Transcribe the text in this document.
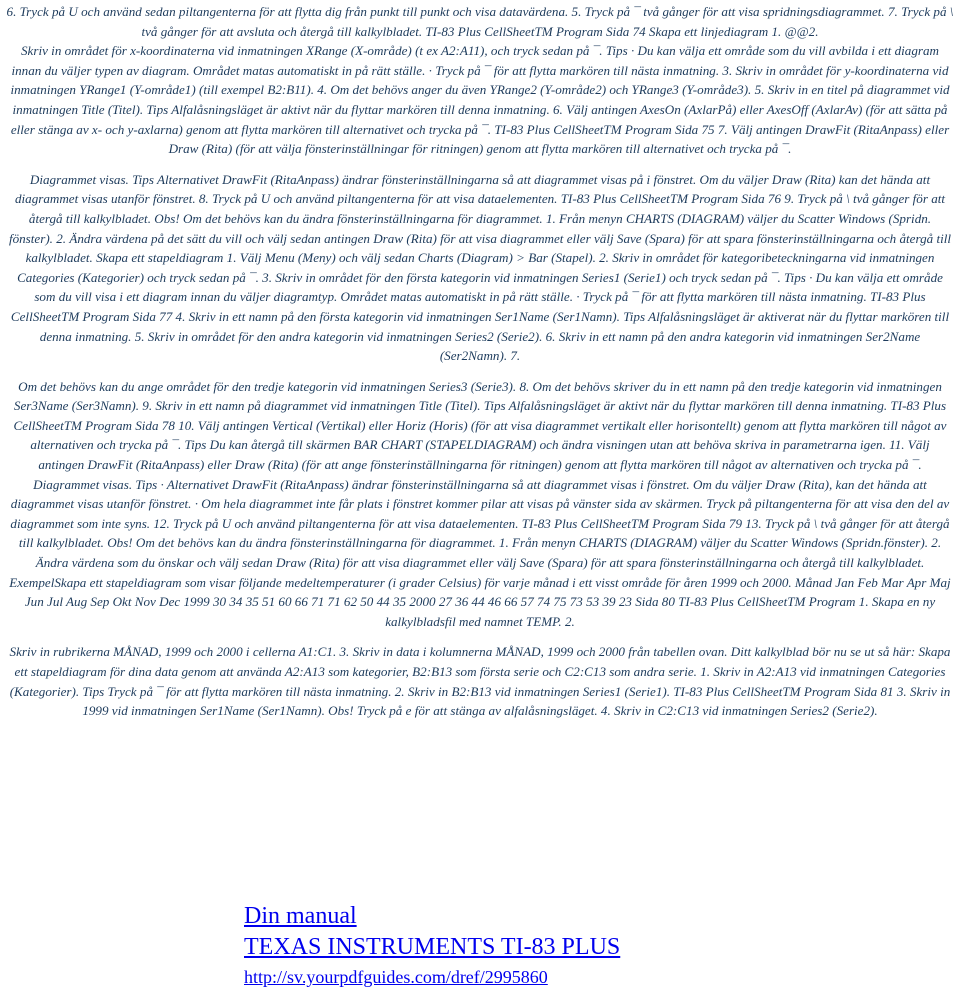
6. Tryck på U och använd sedan piltangenterna för att flytta dig från punkt till punkt och visa datavärdena. 5. Tryck på ¯ två gånger för att visa spridningsdiagrammet. 7. Tryck på \ två gånger för att avsluta och återgå till kalkylbladet. TI-83 Plus CellSheetTM Program Sida 74 Skapa ett linjediagram 1. @@2.

Skriv in området för x-koordinaterna vid inmatningen XRange (X-område) (t ex A2:A11), och tryck sedan på ¯. Tips · Du kan välja ett område som du vill avbilda i ett diagram innan du väljer typen av diagram. Området matas automatiskt in på rätt ställe. · Tryck på ¯ för att flytta markören till nästa inmatning. 3. Skriv in området för y-koordinaterna vid inmatningen YRange1 (Y-område1) (till exempel B2:B11). 4. Om det behövs anger du även YRange2 (Y-område2) och YRange3 (Y-område3). 5. Skriv in en titel på diagrammet vid inmatningen Title (Titel). Tips Alfalåsningsläget är aktivt när du flyttar markören till denna inmatning. 6. Välj antingen AxesOn (AxlarPå) eller AxesOff (AxlarAv) (för att sätta på eller stänga av x- och y-axlarna) genom att flytta markören till alternativet och trycka på ¯. TI-83 Plus CellSheetTM Program Sida 75 7. Välj antingen DrawFit (RitaAnpass) eller Draw (Rita) (för att välja fönsterinställningar för ritningen) genom att flytta markören till alternativet och trycka på ¯.

Diagrammet visas. Tips Alternativet DrawFit (RitaAnpass) ändrar fönsterinställningarna så att diagrammet visas på i fönstret. Om du väljer Draw (Rita) kan det hända att diagrammet visas utanför fönstret. 8. Tryck på U och använd piltangenterna för att visa dataelementen. TI-83 Plus CellSheetTM Program Sida 76 9. Tryck på \ två gånger för att återgå till kalkylbladet. Obs! Om det behövs kan du ändra fönsterinställningarna för diagrammet. 1. Från menyn CHARTS (DIAGRAM) väljer du Scatter Windows (Spridn. fönster). 2. Ändra värdena på det sätt du vill och välj sedan antingen Draw (Rita) för att visa diagrammet eller välj Save (Spara) för att spara fönsterinställningarna och återgå till kalkylbladet. Skapa ett stapeldiagram 1. Välj Menu (Meny) och välj sedan Charts (Diagram) > Bar (Stapel). 2. Skriv in området för kategoribeteckningarna vid inmatningen Categories (Kategorier) och tryck sedan på ¯. 3. Skriv in området för den första kategorin vid inmatningen Series1 (Serie1) och tryck sedan på ¯. Tips · Du kan välja ett område som du vill visa i ett diagram innan du väljer diagramtyp. Området matas automatiskt in på rätt ställe. · Tryck på ¯ för att flytta markören till nästa inmatning. TI-83 Plus CellSheetTM Program Sida 77 4. Skriv in ett namn på den första kategorin vid inmatningen Ser1Name (Ser1Namn). Tips Alfalåsningsläget är aktiverat när du flyttar markören till denna inmatning. 5. Skriv in området för den andra kategorin vid inmatningen Series2 (Serie2). 6. Skriv in ett namn på den andra kategorin vid inmatningen Ser2Name (Ser2Namn). 7.

Om det behövs kan du ange området för den tredje kategorin vid inmatningen Series3 (Serie3). 8. Om det behövs skriver du in ett namn på den tredje kategorin vid inmatningen Ser3Name (Ser3Namn). 9. Skriv in ett namn på diagrammet vid inmatningen Title (Titel). Tips Alfalåsningsläget är aktivt när du flyttar markören till denna inmatning. TI-83 Plus CellSheetTM Program Sida 78 10. Välj antingen Vertical (Vertikal) eller Horiz (Horis) (för att visa diagrammet vertikalt eller horisontellt) genom att flytta markören till något av alternativen och trycka på ¯. Tips Du kan återgå till skärmen BAR CHART (STAPELDIAGRAM) och ändra visningen utan att behöva skriva in parametrarna igen. 11. Välj antingen DrawFit (RitaAnpass) eller Draw (Rita) (för att ange fönsterinställningarna för ritningen) genom att flytta markören till något av alternativen och trycka på ¯. Diagrammet visas. Tips · Alternativet DrawFit (RitaAnpass) ändrar fönsterinställningarna så att diagrammet visas i fönstret. Om du väljer Draw (Rita), kan det hända att diagrammet visas utanför fönstret. · Om hela diagrammet inte får plats i fönstret kommer pilar att visas på vänster sida av skärmen. Tryck på piltangenterna för att visa den del av diagrammet som inte syns. 12. Tryck på U och använd piltangenterna för att visa dataelementen. TI-83 Plus CellSheetTM Program Sida 79 13. Tryck på \ två gånger för att återgå till kalkylbladet. Obs! Om det behövs kan du ändra fönsterinställningarna för diagrammet. 1. Från menyn CHARTS (DIAGRAM) väljer du Scatter Windows (Spridn.fönster). 2. Ändra värdena som du önskar och välj sedan Draw (Rita) för att visa diagrammet eller välj Save (Spara) för att spara fönsterinställningarna och återgå till kalkylbladet. ExempelSkapa ett stapeldiagram som visar följande medeltemperaturer (i grader Celsius) för varje månad i ett visst område för åren 1999 och 2000. Månad Jan Feb Mar Apr Maj Jun Jul Aug Sep Okt Nov Dec 1999 30 34 35 51 60 66 71 71 62 50 44 35 2000 27 36 44 46 66 57 74 75 73 53 39 23 Sida 80 TI-83 Plus CellSheetTM Program 1. Skapa en ny kalkylbladsfil med namnet TEMP. 2.

Skriv in rubrikerna MÅNAD, 1999 och 2000 i cellerna A1:C1. 3. Skriv in data i kolumnerna MÅNAD, 1999 och 2000 från tabellen ovan. Ditt kalkylblad bör nu se ut så här: Skapa ett stapeldiagram för dina data genom att använda A2:A13 som kategorier, B2:B13 som första serie och C2:C13 som andra serie. 1. Skriv in A2:A13 vid inmatningen Categories (Kategorier). Tips Tryck på ¯ för att flytta markören till nästa inmatning. 2. Skriv in B2:B13 vid inmatningen Series1 (Serie1). TI-83 Plus CellSheetTM Program Sida 81 3. Skriv in 1999 vid inmatningen Ser1Name (Ser1Namn). Obs! Tryck på e för att stänga av alfalåsningsläget. 4. Skriv in C2:C13 vid inmatningen Series2 (Serie2).

Din manual
TEXAS INSTRUMENTS TI-83 PLUS
http://sv.yourpdfguides.com/dref/2995860
